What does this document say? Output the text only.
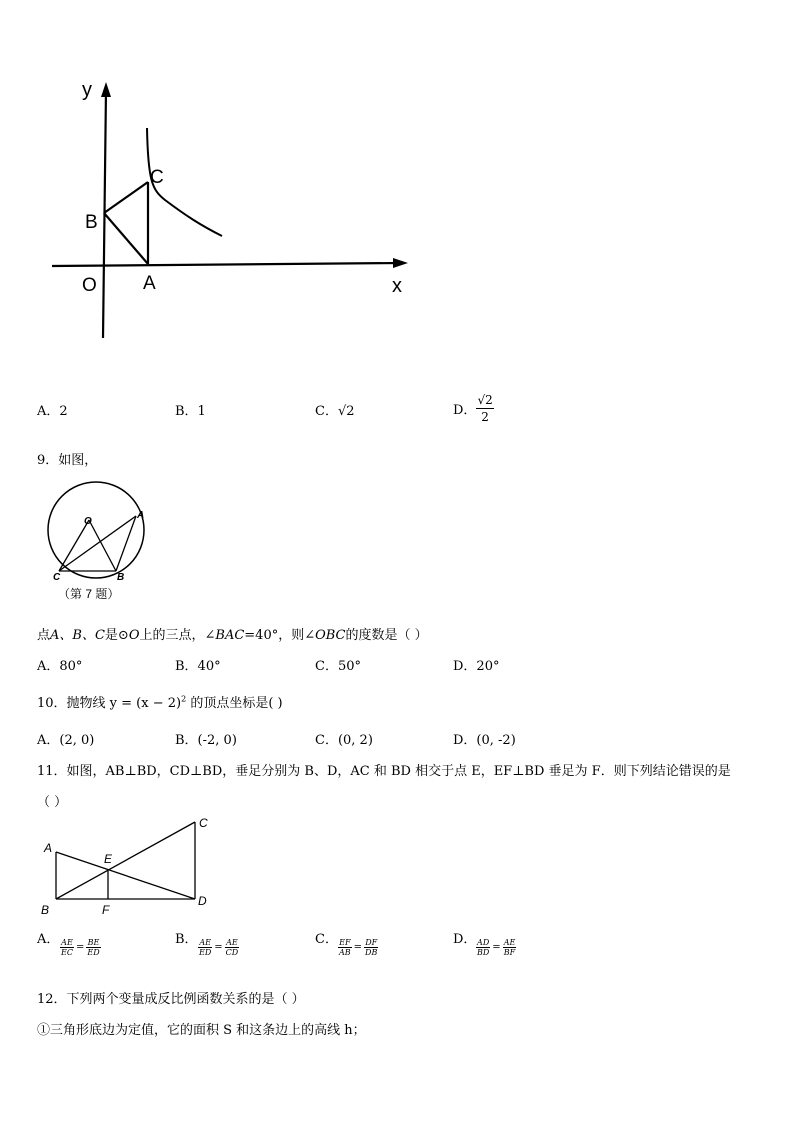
y
x
O A
B
C
A．2	B．1	C．√2	D． $\frac{√2}{2}$
9．如图，
O
A
C	B
（第 7 题）
点A、B、C是⊙O上的三点，∠BAC=40°，则∠OBC的度数是（ ）
A．80°	B．40°	C．50°	D．20°
10．抛物线 $y = (x - 2)^2$ 的顶点坐标是( )
A．(2, 0)	B．(-2, 0)	C．(0, 2)	D．(0, -2)
11．如图，AB⊥BD，CD⊥BD，垂足分别为 B、D，AC 和 BD 相交于点 E，EF⊥BD 垂足为 F．则下列结论错误的是
（ ）
A
B
C
D
E
F
A． $\frac{AE}{EC} = \frac{BE}{ED}$	B． $\frac{AE}{ED} = \frac{AE}{CD}$	C． $\frac{EF}{AB} = \frac{DF}{DB}$	D． $\frac{AD}{BD} = \frac{AE}{BF}$
12．下列两个变量成反比例函数关系的是（ ）
①三角形底边为定值，它的面积 S 和这条边上的高线 h；
